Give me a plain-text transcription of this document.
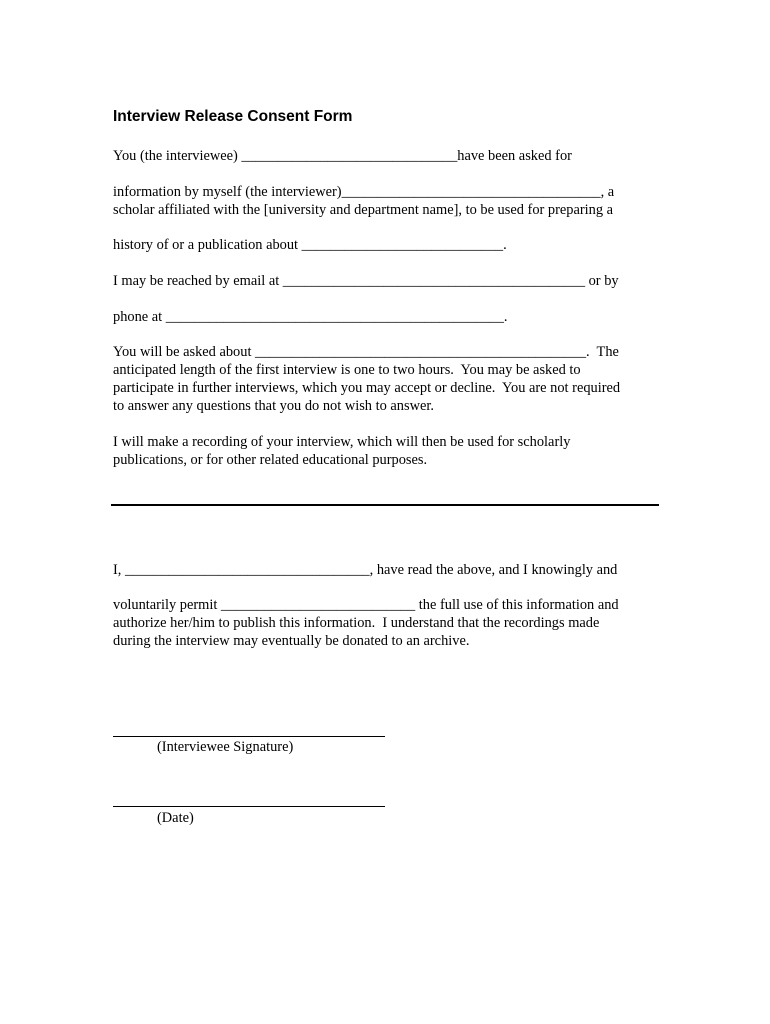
Interview Release Consent Form
You (the interviewee) ______________________________have been asked for
information by myself (the interviewer)____________________________________, a
scholar affiliated with the [university and department name], to be used for preparing a
history of or a publication about ____________________________.
I may be reached by email at __________________________________________ or by
phone at _______________________________________________.
You will be asked about ______________________________________________.  The
anticipated length of the first interview is one to two hours.  You may be asked to
participate in further interviews, which you may accept or decline.  You are not required
to answer any questions that you do not wish to answer.
I will make a recording of your interview, which will then be used for scholarly
publications, or for other related educational purposes.
I, __________________________________, have read the above, and I knowingly and
voluntarily permit ___________________________ the full use of this information and
authorize her/him to publish this information.  I understand that the recordings made
during the interview may eventually be donated to an archive.
(Interviewee Signature)
(Date)
